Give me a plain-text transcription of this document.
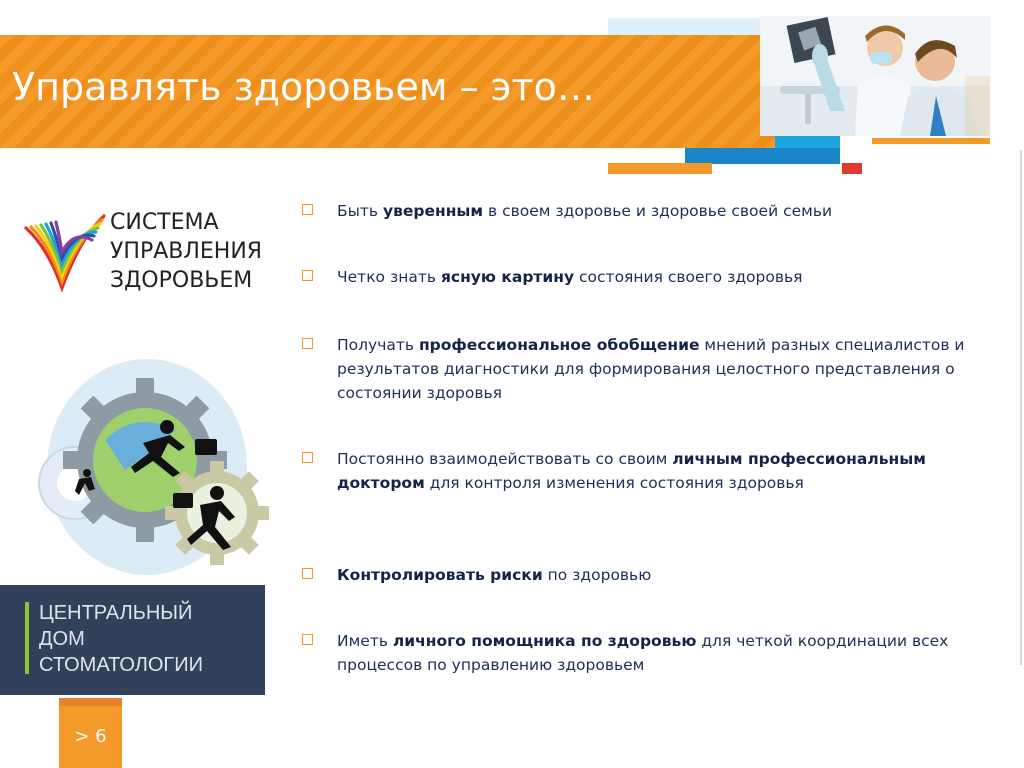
Управлять здоровьем – это…
СИСТЕМА
УПРАВЛЕНИЯ
ЗДОРОВЬЕМ
ЦЕНТРАЛЬНЫЙ
ДОМ
СТОМАТОЛОГИИ
> 6
Быть уверенным в своем здоровье и здоровье своей семьи
Четко знать ясную картину состояния своего здоровья
Получать профессиональное обобщение мнений разных специалистов и результатов диагностики для формирования целостного представления о состоянии здоровья
Постоянно взаимодействовать со своим личным профессиональным доктором для контроля изменения состояния здоровья
Контролировать риски по здоровью
Иметь личного помощника по здоровью для четкой координации всех процессов по управлению здоровьем
